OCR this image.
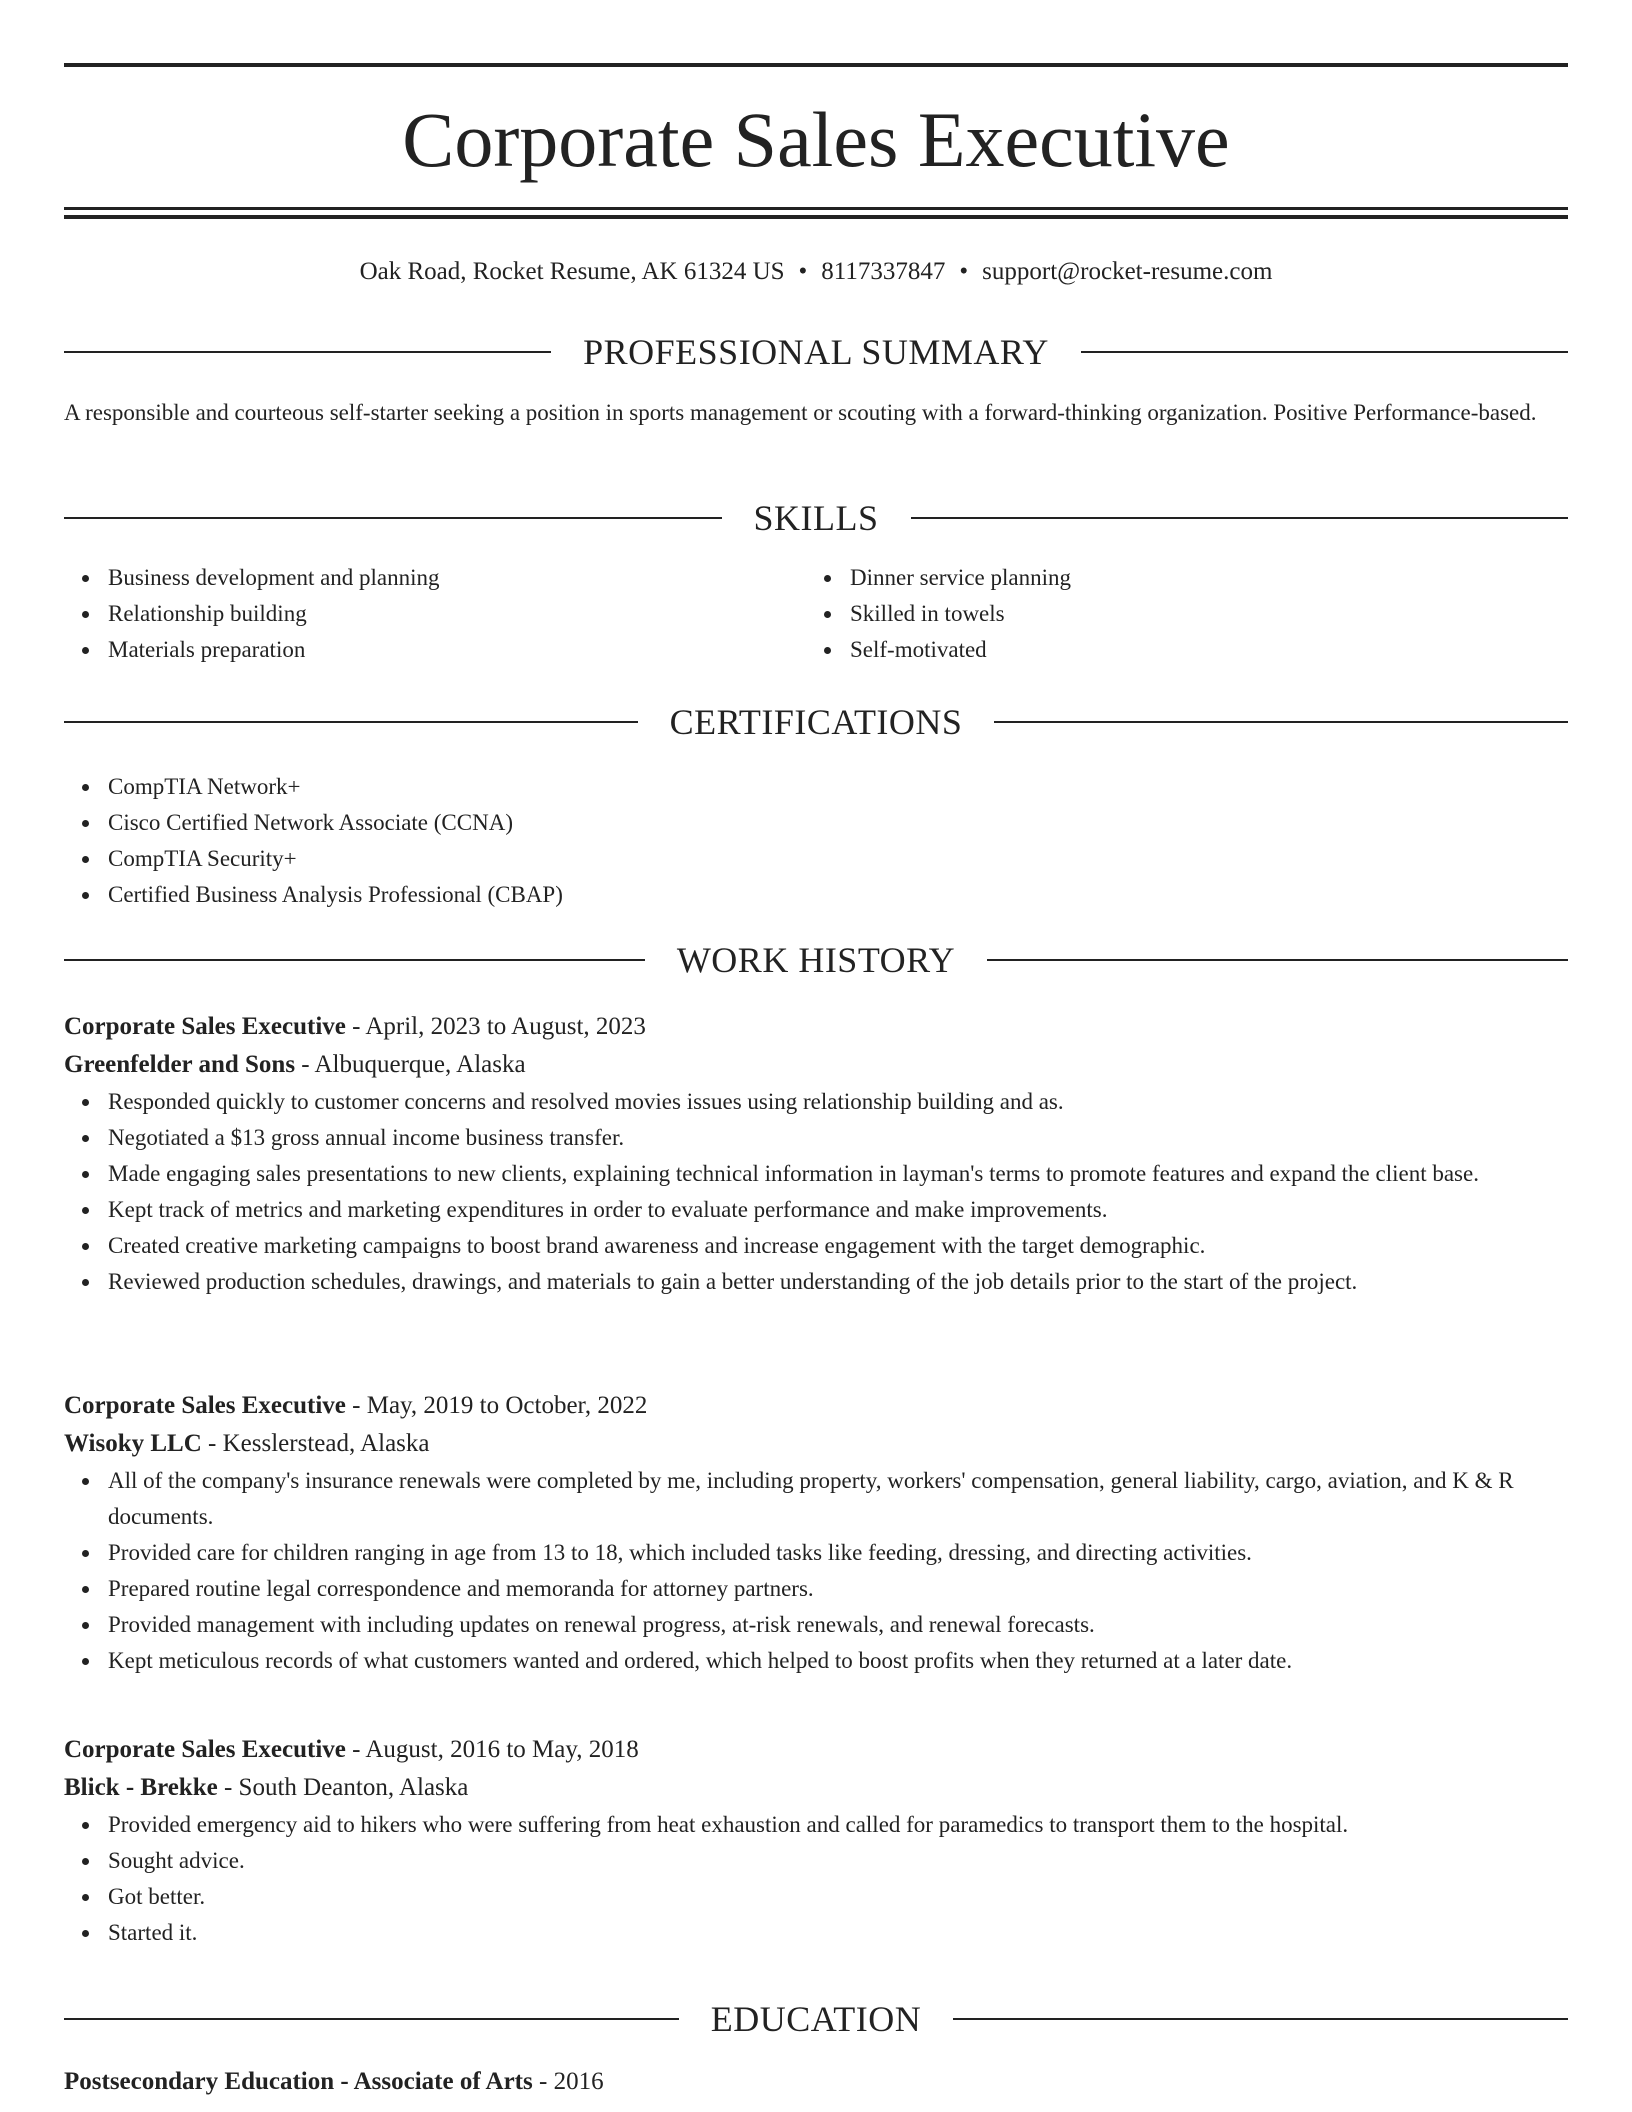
Corporate Sales Executive
Oak Road, Rocket Resume, AK 61324 US • 8117337847 • support@rocket-resume.com
PROFESSIONAL SUMMARY
A responsible and courteous self-starter seeking a position in sports management or scouting with a forward-thinking organization. Positive Performance-based.
SKILLS
Business development and planning
Relationship building
Materials preparation
Dinner service planning
Skilled in towels
Self-motivated
CERTIFICATIONS
CompTIA Network+
Cisco Certified Network Associate (CCNA)
CompTIA Security+
Certified Business Analysis Professional (CBAP)
WORK HISTORY
Corporate Sales Executive - April, 2023 to August, 2023
Greenfelder and Sons - Albuquerque, Alaska
Responded quickly to customer concerns and resolved movies issues using relationship building and as.
Negotiated a $13 gross annual income business transfer.
Made engaging sales presentations to new clients, explaining technical information in layman's terms to promote features and expand the client base.
Kept track of metrics and marketing expenditures in order to evaluate performance and make improvements.
Created creative marketing campaigns to boost brand awareness and increase engagement with the target demographic.
Reviewed production schedules, drawings, and materials to gain a better understanding of the job details prior to the start of the project.
Corporate Sales Executive - May, 2019 to October, 2022
Wisoky LLC - Kesslerstead, Alaska
All of the company's insurance renewals were completed by me, including property, workers' compensation, general liability, cargo, aviation, and K & R documents.
Provided care for children ranging in age from 13 to 18, which included tasks like feeding, dressing, and directing activities.
Prepared routine legal correspondence and memoranda for attorney partners.
Provided management with including updates on renewal progress, at-risk renewals, and renewal forecasts.
Kept meticulous records of what customers wanted and ordered, which helped to boost profits when they returned at a later date.
Corporate Sales Executive - August, 2016 to May, 2018
Blick - Brekke - South Deanton, Alaska
Provided emergency aid to hikers who were suffering from heat exhaustion and called for paramedics to transport them to the hospital.
Sought advice.
Got better.
Started it.
EDUCATION
Postsecondary Education - Associate of Arts - 2016
